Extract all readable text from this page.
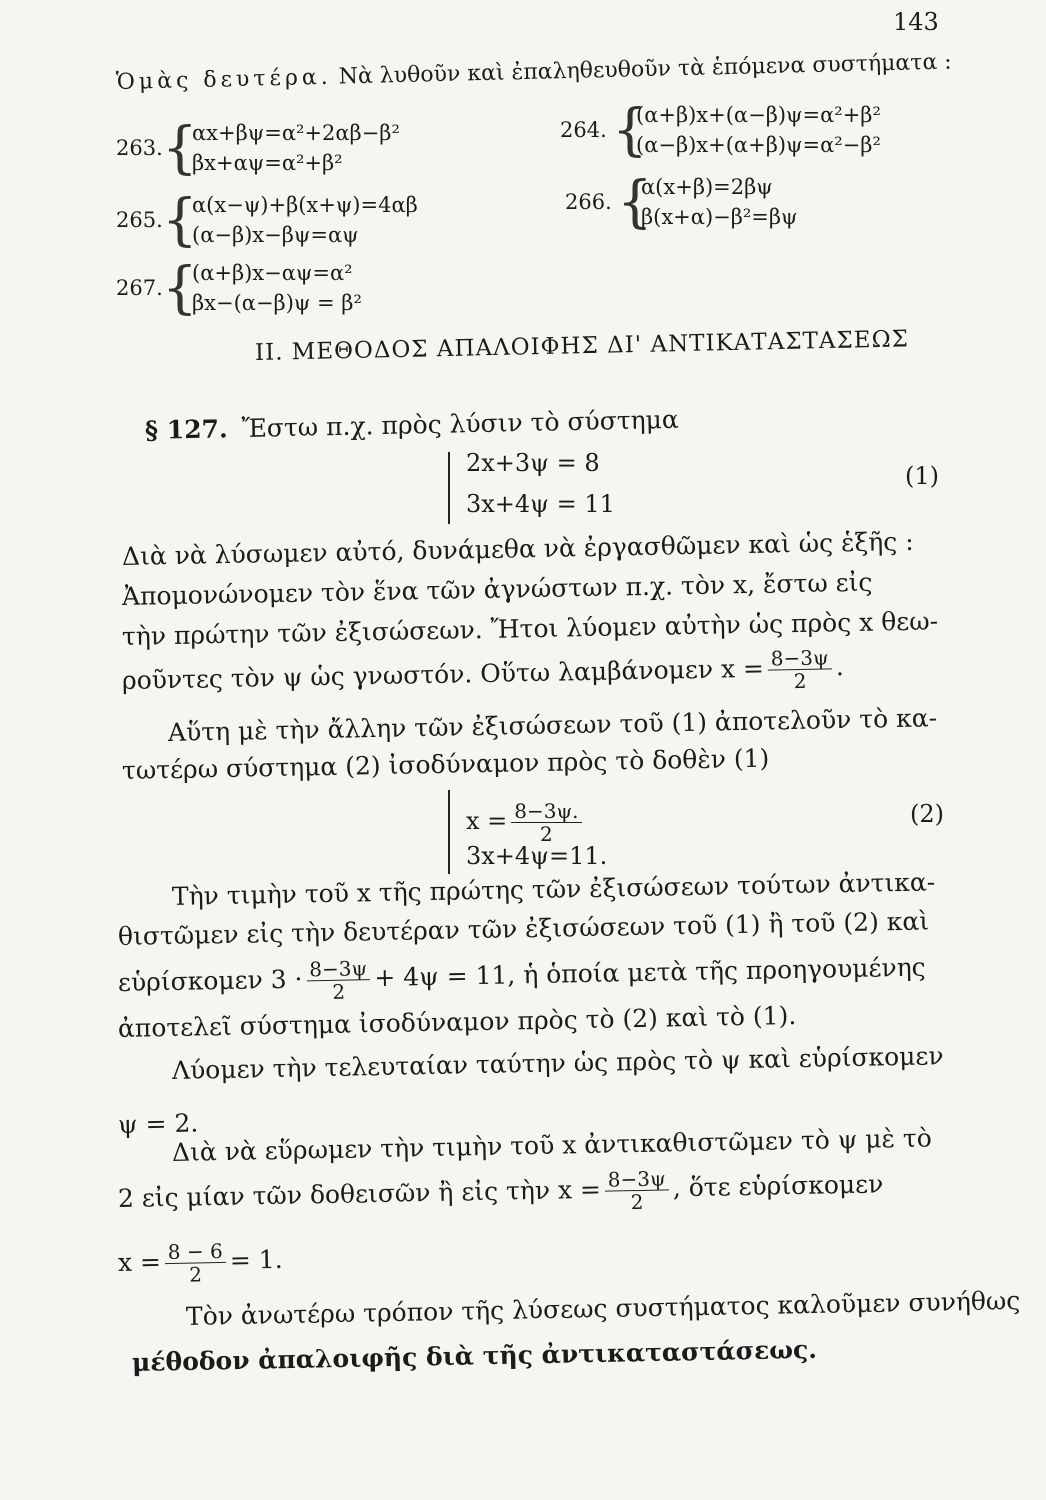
143
Ὁμὰς δευτέρα. Νὰ λυθοῦν καὶ ἐπαληθευθοῦν τὰ ἑπόμενα συστήματα :
263. {
αx+βψ=α²+2αβ−β²
βx+αψ=α²+β²
264. {
(α+β)x+(α−β)ψ=α²+β²
(α−β)x+(α+β)ψ=α²−β²
265. {
α(x−ψ)+β(x+ψ)=4αβ
(α−β)x−βψ=αψ
266. {
α(x+β)=2βψ
β(x+α)−β²=βψ
267. {
(α+β)x−αψ=α²
βx−(α−β)ψ = β²
ΙΙ. ΜΕΘΟΔΟΣ ΑΠΑΛΟΙΦΗΣ ΔΙ' ΑΝΤΙΚΑΤΑΣΤΑΣΕΩΣ
§ 127. Ἔστω π.χ. πρὸς λύσιν τὸ σύστημα
2x+3ψ = 8
3x+4ψ = 11
(1)
Διὰ νὰ λύσωμεν αὐτό, δυνάμεθα νὰ ἐργασθῶμεν καὶ ὡς ἑξῆς :
Ἀπομονώνομεν τὸν ἕνα τῶν ἀγνώστων π.χ. τὸν x, ἔστω εἰς
τὴν πρώτην τῶν ἐξισώσεων. Ἤτοι λύομεν αὐτὴν ὡς πρὸς x θεω-
ροῦντες τὸν ψ ὡς γνωστόν. Οὕτω λαμβάνομεν $x = \frac{8-3\psi}{2}$ .
Αὕτη μὲ τὴν ἄλλην τῶν ἐξισώσεων τοῦ (1) ἀποτελοῦν τὸ κα-
τωτέρω σύστημα (2) ἰσοδύναμον πρὸς τὸ δοθὲν (1)
$x = \frac{8-3\psi.}{2}$
3x+4ψ=11.
(2)
Τὴν τιμὴν τοῦ x τῆς πρώτης τῶν ἐξισώσεων τούτων ἀντικα-
θιστῶμεν εἰς τὴν δευτέραν τῶν ἐξισώσεων τοῦ (1) ἢ τοῦ (2) καὶ
εὑρίσκομεν $3 \cdot \frac{8-3\psi}{2} + 4\psi = 11$, ἡ ὁποία μετὰ τῆς προηγουμένης
ἀποτελεῖ σύστημα ἰσοδύναμον πρὸς τὸ (2) καὶ τὸ (1).
Λύομεν τὴν τελευταίαν ταύτην ὡς πρὸς τὸ ψ καὶ εὑρίσκομεν
ψ = 2.
Διὰ νὰ εὕρωμεν τὴν τιμὴν τοῦ x ἀντικαθιστῶμεν τὸ ψ μὲ τὸ
2 εἰς μίαν τῶν δοθεισῶν ἢ εἰς τὴν $x = \frac{8-3\psi}{2}$ , ὅτε εὑρίσκομεν
$x = \frac{8 - 6}{2} = 1$.
Τὸν ἀνωτέρω τρόπον τῆς λύσεως συστήματος καλοῦμεν συνήθως
μέθοδον ἀπαλοιφῆς διὰ τῆς ἀντικαταστάσεως.
